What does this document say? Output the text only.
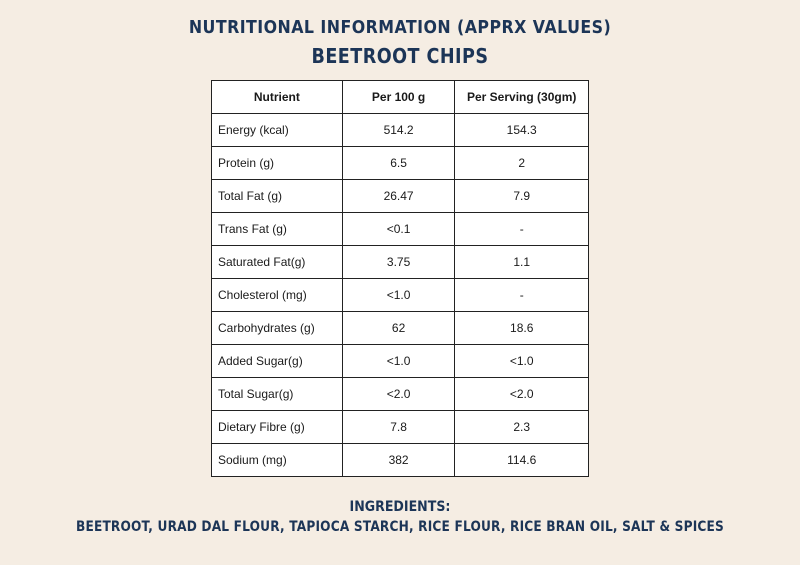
NUTRITIONAL INFORMATION (APPRX VALUES)
BEETROOT CHIPS
Nutrient	Per 100 g	Per Serving (30gm)
Energy (kcal)	514.2	154.3
Protein (g)	6.5	2
Total Fat (g)	26.47	7.9
Trans Fat (g)	<0.1	-
Saturated Fat(g)	3.75	1.1
Cholesterol (mg)	<1.0	-
Carbohydrates (g)	62	18.6
Added Sugar(g)	<1.0	<1.0
Total Sugar(g)	<2.0	<2.0
Dietary Fibre (g)	7.8	2.3
Sodium (mg)	382	114.6
INGREDIENTS:
BEETROOT, URAD DAL FLOUR, TAPIOCA STARCH, RICE FLOUR, RICE BRAN OIL, SALT & SPICES
